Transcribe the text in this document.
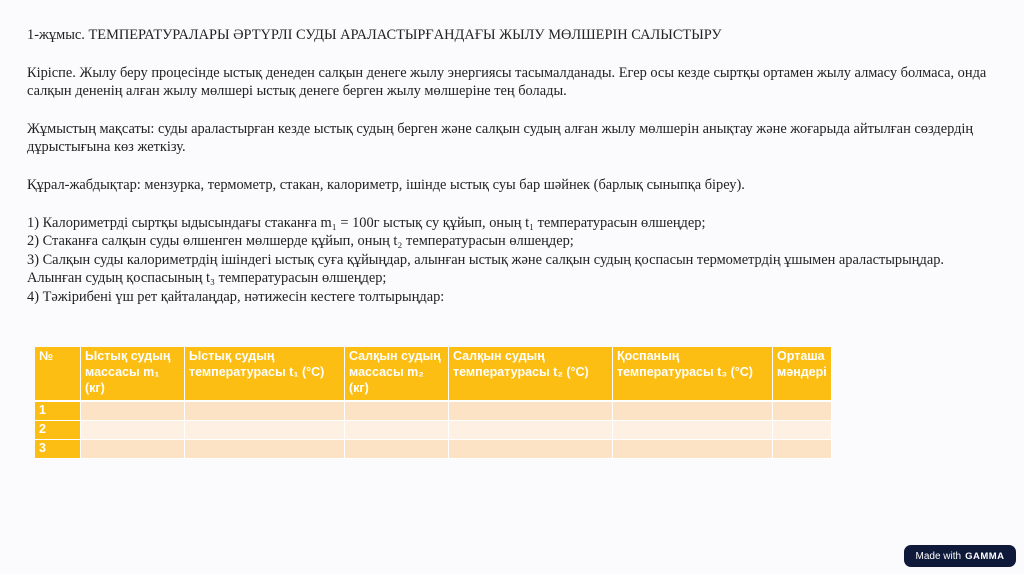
1-жұмыс. ТЕМПЕРАТУРАЛАРЫ ӘРТҮРЛІ СУДЫ АРАЛАСТЫРҒАНДАҒЫ ЖЫЛУ МӨЛШЕРІН САЛЫСТЫРУ

Кіріспе. Жылу беру процесінде ыстық денеден салқын денеге жылу энергиясы тасымалданады. Егер осы кезде сыртқы ортамен жылу алмасу болмаса, онда салқын дененің алған жылу мөлшері ыстық денеге берген жылу мөлшеріне тең болады.

Жұмыстың мақсаты: суды араластырған кезде ыстық судың берген және салқын судың алған жылу мөлшерін анықтау және жоғарыда айтылған сөздердің дұрыстығына көз жеткізу.

Құрал-жабдықтар: мензурка, термометр, стакан, калориметр, ішінде ыстық суы бар шәйнек (барлық сыныпқа біреу).

1) Калориметрді сыртқы ыдысындағы стаканға m₁ = 100г ыстық су құйып, оның t₁ температурасын өлшеңдер;

2) Стаканға салқын суды өлшенген мөлшерде құйып, оның t₂ температурасын өлшеңдер;

3) Салқын суды калориметрдің ішіндегі ыстық суға құйыңдар, алынған ыстық және салқын судың қоспасын термометрдің ұшымен араластырыңдар. Алынған судың қоспасының t₃ температурасын өлшеңдер;

4) Тәжірибені үш рет қайталаңдар, нәтижесін кестеге толтырыңдар:

№	Ыстық судың массасы m₁ (кг)	Ыстық судың температурасы t₁ (°C)	Салқын судың массасы m₂ (кг)	Салқын судың температурасы t₂ (°C)	Қоспаның температурасы t₃ (°C)	Орташа мәндері
1						
2						
3						
Made with GAMMA
